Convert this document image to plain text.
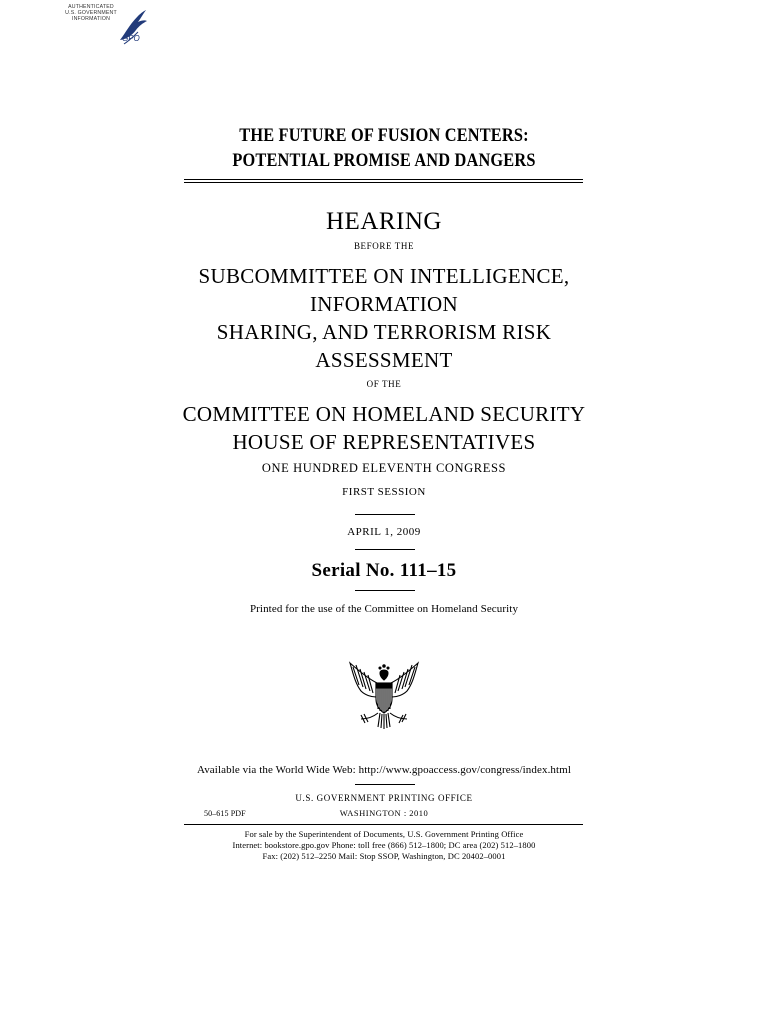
AUTHENTICATED
U.S. GOVERNMENT
INFORMATION
GPO
THE FUTURE OF FUSION CENTERS:
POTENTIAL PROMISE AND DANGERS
HEARING
BEFORE THE
SUBCOMMITTEE ON INTELLIGENCE,
INFORMATION
SHARING, AND TERRORISM RISK
ASSESSMENT
OF THE
COMMITTEE ON HOMELAND SECURITY
HOUSE OF REPRESENTATIVES
ONE HUNDRED ELEVENTH CONGRESS
FIRST SESSION
APRIL 1, 2009
Serial No. 111–15
Printed for the use of the Committee on Homeland Security
Available via the World Wide Web: http://www.gpoaccess.gov/congress/index.html
U.S. GOVERNMENT PRINTING OFFICE
50–615 PDF	WASHINGTON : 2010
For sale by the Superintendent of Documents, U.S. Government Printing Office
Internet: bookstore.gpo.gov Phone: toll free (866) 512–1800; DC area (202) 512–1800
Fax: (202) 512–2250 Mail: Stop SSOP, Washington, DC 20402–0001
